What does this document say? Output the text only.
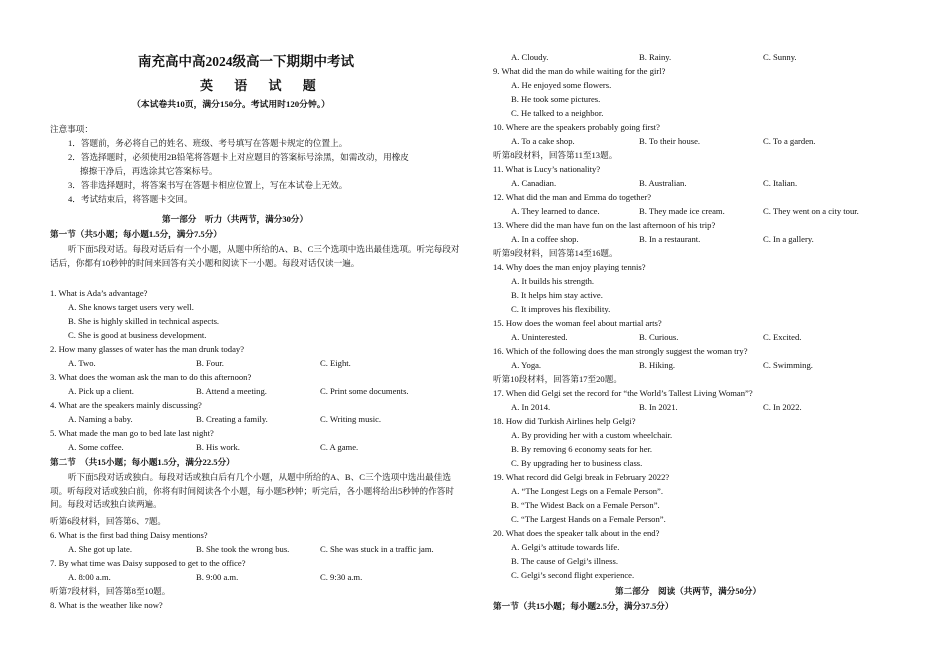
南充高中高2024级高一下期期中考试
英 语 试 题
（本试卷共10页，满分150分。考试用时120分钟。）
注意事项：
1．答题前，务必将自己的姓名、班级、考号填写在答题卡规定的位置上。
2．答选择题时，必须使用2B铅笔将答题卡上对应题目的答案标号涂黑，如需改动，用橡皮
擦擦干净后，再选涂其它答案标号。
3．答非选择题时，将答案书写在答题卡相应位置上，写在本试卷上无效。
4．考试结束后，将答题卡交回。
第一部分　听力（共两节，满分30分）
第一节（共5小题；每小题1.5分，满分7.5分）
听下面5段对话。每段对话后有一个小题，从题中所给的A、B、C三个选项中选出最佳选项。听完每段对话后，你都有10秒钟的时间来回答有关小题和阅读下一小题。每段对话仅读一遍。
1. What is Ada’s advantage?
A. She knows target users very well.
B. She is highly skilled in technical aspects.
C. She is good at business development.
2. How many glasses of water has the man drunk today?
A. Two.	B. Four.	C. Eight.
3. What does the woman ask the man to do this afternoon?
A. Pick up a client.	B. Attend a meeting.	C. Print some documents.
4. What are the speakers mainly discussing?
A. Naming a baby.	B. Creating a family.	C. Writing music.
5. What made the man go to bed late last night?
A. Some coffee.	B. His work.	C. A game.
第二节　（共15小题；每小题1.5分，满分22.5分）
听下面5段对话或独白。每段对话或独白后有几个小题，从题中所给的A、B、C三个选项中选出最佳选项。听每段对话或独白前，你将有时间阅读各个小题，每小题5秒钟；听完后，各小题将给出5秒钟的作答时间。每段对话或独白读两遍。
听第6段材料，回答第6、7题。
6. What is the first bad thing Daisy mentions?
A. She got up late.	B. She took the wrong bus.	C. She was stuck in a traffic jam.
7. By what time was Daisy supposed to get to the office?
A. 8:00 a.m.	B. 9:00 a.m.	C. 9:30 a.m.
听第7段材料，回答第8至10题。
8. What is the weather like now?
A. Cloudy.	B. Rainy.	C. Sunny.
9. What did the man do while waiting for the girl?
A. He enjoyed some flowers.
B. He took some pictures.
C. He talked to a neighbor.
10. Where are the speakers probably going first?
A. To a cake shop.	B. To their house.	C. To a garden.
听第8段材料，回答第11至13题。
11. What is Lucy’s nationality?
A. Canadian.	B. Australian.	C. Italian.
12. What did the man and Emma do together?
A. They learned to dance.	B. They made ice cream.	C. They went on a city tour.
13. Where did the man have fun on the last afternoon of his trip?
A. In a coffee shop.	B. In a restaurant.	C. In a gallery.
听第9段材料，回答第14至16题。
14. Why does the man enjoy playing tennis?
A. It builds his strength.
B. It helps him stay active.
C. It improves his flexibility.
15. How does the woman feel about martial arts?
A. Uninterested.	B. Curious.	C. Excited.
16. Which of the following does the man strongly suggest the woman try?
A. Yoga.	B. Hiking.	C. Swimming.
听第10段材料，回答第17至20题。
17. When did Gelgi set the record for “the World’s Tallest Living Woman”?
A. In 2014.	B. In 2021.	C. In 2022.
18. How did Turkish Airlines help Gelgi?
A. By providing her with a custom wheelchair.
B. By removing 6 economy seats for her.
C. By upgrading her to business class.
19. What record did Gelgi break in February 2022?
A. “The Longest Legs on a Female Person”.
B. “The Widest Back on a Female Person”.
C. “The Largest Hands on a Female Person”.
20. What does the speaker talk about in the end?
A. Gelgi’s attitude towards life.
B. The cause of Gelgi’s illness.
C. Gelgi’s second flight experience.
第二部分　阅读（共两节，满分50分）
第一节（共15小题；每小题2.5分，满分37.5分）
